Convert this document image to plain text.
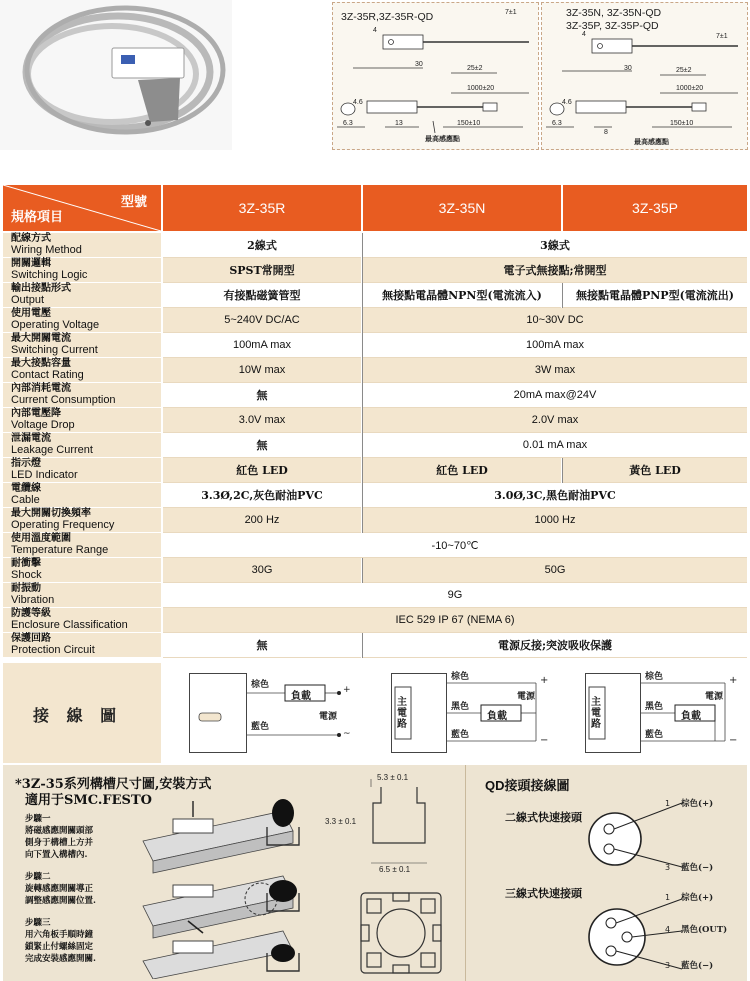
3Z-35R,3Z-35R-QD	7±1
4
30
25±2
1000±20
4.6
6.3	13	150±10
最高感應點
3Z-35N, 3Z-35N-QD
3Z-35P, 3Z-35P-QD
7±1
4
30	25±2
1000±20
4.6
6.3
8
150±10
最高感應點
型號
規格項目
3Z-35R	3Z-35N	3Z-35P
配線方式
Wiring Method	2線式	3線式
開關邏輯
Switching Logic	SPST常開型	電子式無接點;常開型
輸出接點形式
Output	有接點磁簧管型	無接點電晶體NPN型(電流流入)	無接點電晶體PNP型(電流流出)
使用電壓
Operating Voltage	5~240V DC/AC	10~30V DC
最大開關電流
Switching Current	100mA max	100mA max
最大接點容量
Contact Rating	10W max	3W max
內部消耗電流
Current Consumption	無	20mA max@24V
內部電壓降
Voltage Drop	3.0V max	2.0V max
泄漏電流
Leakage Current	無	0.01 mA max
指示燈
LED Indicator	紅色 LED	紅色 LED	黃色 LED
電纜線
Cable	3.3Ø,2C,灰色耐油PVC	3.0Ø,3C,黑色耐油PVC
最大開關切換頻率
Operating Frequency	200 Hz	1000 Hz
使用溫度範圍
Temperature Range	-10~70℃
耐衝擊
Shock	30G	50G
耐振動
Vibration	9G
防護等級
Enclosure Classification	IEC 529 IP 67 (NEMA 6)
保護回路
Protection Circuit	無	電源反接;突波吸收保護
接 線 圖
棕色
藍色
負載
電源
+
~
主電路
棕色
黑色
藍色
負載
電源
+
−
主電路
棕色
黑色
藍色
負載
電源
+
−
*3Z-35系列構槽尺寸圖,安裝方式
適用于SMC.FESTO
步驟一
將磁感應開關頭部
側身于構槽上方并
向下置入構槽內.
步驟二
旋轉感應開關導正
調整感應開關位置.
步驟三
用六角板手順時鐘
鎖緊止付螺絲固定
完成安裝感應開關.
5.3 ± 0.1
3.3 ± 0.1
6.5 ± 0.1
QD接頭接線圖
二線式快速接頭
1 棕色(+)
3 藍色(−)
三線式快速接頭	1 棕色(+)
4 黑色(OUT)
3 藍色(−)
